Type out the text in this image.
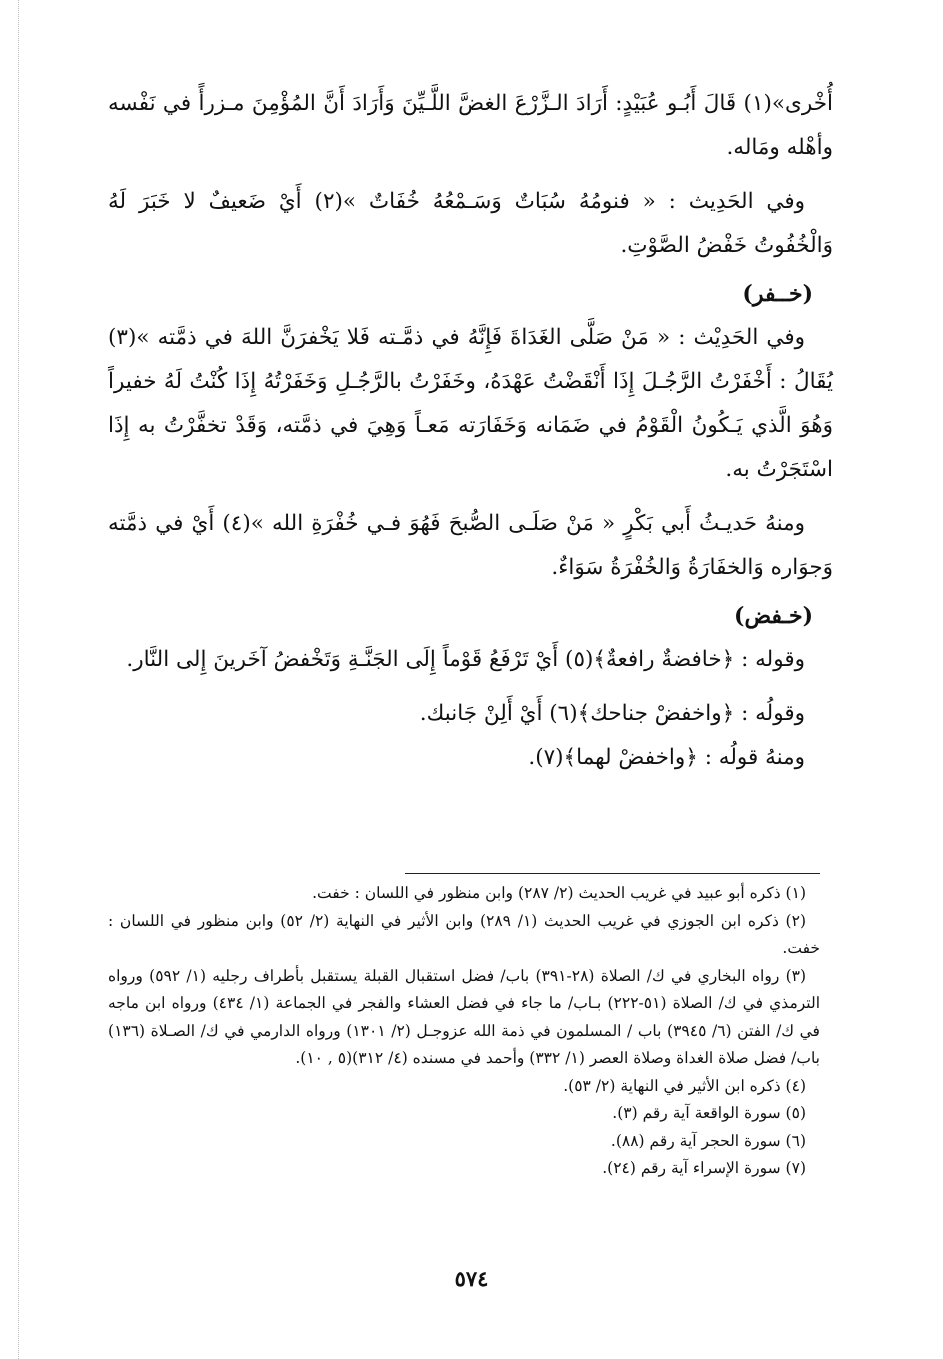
أُخْرى»(١) قَالَ أَبُـو عُبَيْدٍ: أَرَادَ الـزَّرْعَ الغضَّ اللَّـيِّنَ وَأَرَادَ أَنَّ المُؤْمِنَ مـزرأً في نَفْسه وأهْله ومَاله.

وفي الحَدِيث : « فنومُهُ سُبَاتٌ وَسَـمْعُهُ خُفَاتٌ »(٢) أَيْ ضَعيفٌ لا خَبَرَ لَهُ وَالْخُفُوتُ خَفْضُ الصَّوْتِ.

(خــفر)

وفي الحَدِيْث : « مَنْ صَلَّى الغَدَاةَ فَإِنَّهُ في ذمَّـته فَلا يَخْفرَنَّ اللهَ في ذمَّته »(٣) يُقَالُ : أَخْفَرْتُ الرَّجُـلَ إِذَا أَنْقَضْتُ عَهْدَهُ، وخَفَرْتُ بالرَّجُـلِ وَخَفَرْتُهُ إِذَا كُنْتُ لَهُ خفيراً وَهُوَ الَّذي يَـكُونُ الْقَوْمُ في ضَمَانه وَخَفَارَته مَعـاً وَهِيَ في ذمَّته، وَقَدْ تخفَّرْتُ به إِذَا اسْتَجَرْتُ به.

ومنهُ حَديـثُ أَبي بَكْرٍ « مَنْ صَلَـى الصُّبحَ فَهُوَ فـي خُفْرَةِ الله »(٤) أَيْ في ذمَّته وَجوَاره وَالخفَارَةُ وَالخُفْرَةُ سَوَاءٌ.

(خـفض)

وقوله : ﴿خافضةٌ رافعةٌ﴾(٥) أَيْ تَرْفَعُ قَوْماً إِلَى الجَنَّـةِ وَتَخْفضُ آخَرينَ إِلى النَّار.

وقولُه : ﴿واخفضْ جناحك﴾(٦) أَيْ أَلِنْ جَانبك.

ومنهُ قولُه : ﴿واخفضْ لهما﴾(٧).

(١) ذكره أبو عبيد في غريب الحديث (٢/ ٢٨٧) وابن منظور في اللسان : خفت.

(٢) ذكره ابن الجوزي في غريب الحديث (١/ ٢٨٩) وابن الأثير في النهاية (٢/ ٥٢) وابن منظور في اللسان : خفت.

(٣) رواه البخاري في ك/ الصلاة (٢٨-٣٩١) باب/ فضل استقبال القبلة يستقبل بأطراف رجليه (١/ ٥٩٢) ورواه الترمذي في ك/ الصلاة (٥١-٢٢٢) بـاب/ ما جاء في فضل العشاء والفجر في الجماعة (١/ ٤٣٤) ورواه ابن ماجه في ك/ الفتن (٦/ ٣٩٤٥) باب / المسلمون في ذمة الله عزوجـل (٢/ ١٣٠١) ورواه الدارمي في ك/ الصـلاة (١٣٦) باب/ فضل صلاة الغداة وصلاة العصر (١/ ٣٣٢) وأحمد في مسنده (٤/ ٣١٢)(٥ , ١٠).

(٤) ذكره ابن الأثير في النهاية (٢/ ٥٣).

(٥) سورة الواقعة آية رقم (٣).

(٦) سورة الحجر آية رقم (٨٨).

(٧) سورة الإسراء آية رقم (٢٤).

٥٧٤
